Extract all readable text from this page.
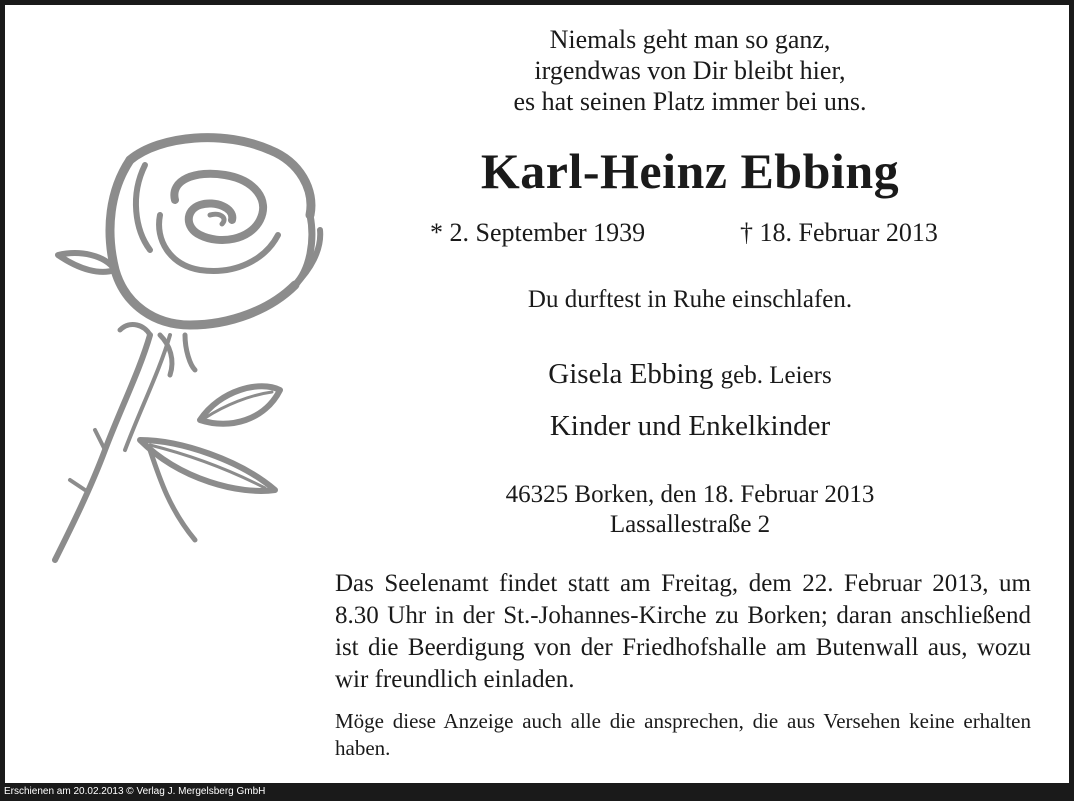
Niemals geht man so ganz,
irgendwas von Dir bleibt hier,
es hat seinen Platz immer bei uns.
Karl-Heinz Ebbing
* 2. September 1939	† 18. Februar 2013
Du durftest in Ruhe einschlafen.
Gisela Ebbing geb. Leiers
Kinder und Enkelkinder
46325 Borken, den 18. Februar 2013
Lassallestraße 2
Das Seelenamt findet statt am Freitag, dem 22. Februar 2013, um 8.30 Uhr in der St.-Johannes-Kirche zu Borken; daran anschließend ist die Beerdigung von der Friedhofshalle am Butenwall aus, wozu wir freundlich einladen.
Möge diese Anzeige auch alle die ansprechen, die aus Versehen keine erhalten haben.
Erschienen am 20.02.2013 © Verlag J. Mergelsberg GmbH
